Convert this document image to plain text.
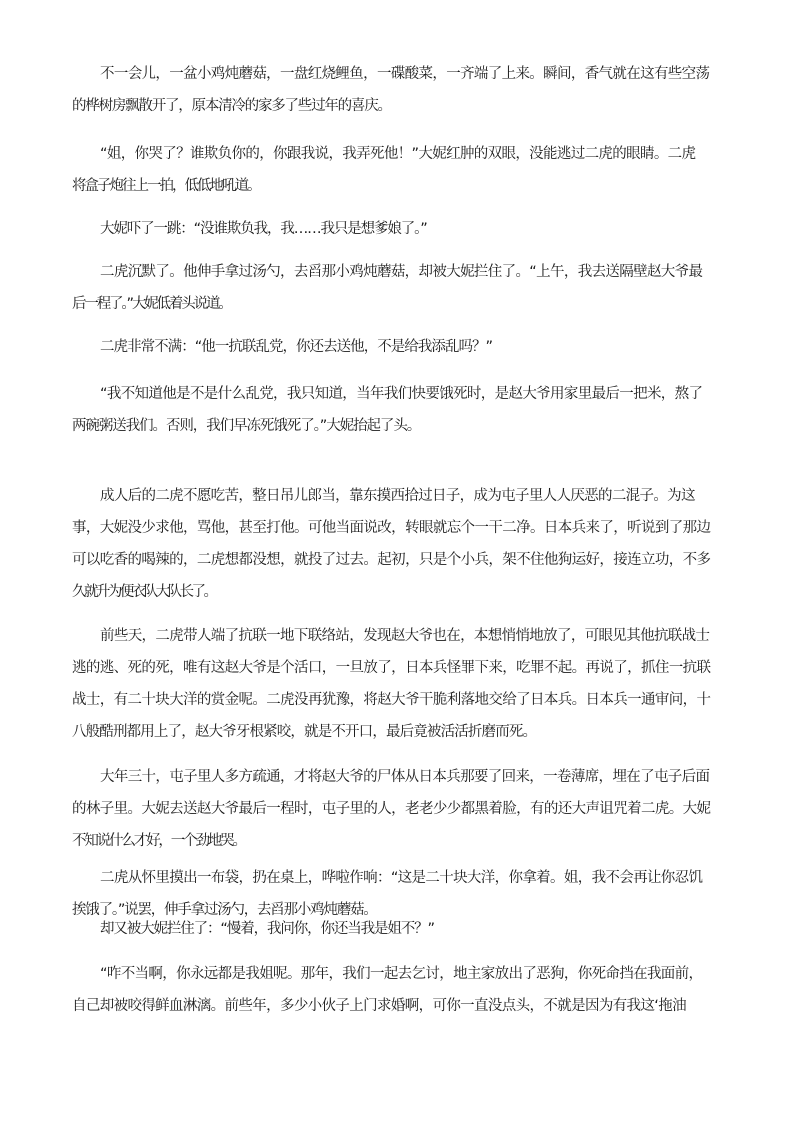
不一会儿，一盆小鸡炖蘑菇，一盘红烧鲤鱼，一碟酸菜，一齐端了上来。瞬间，香气就在这有些空荡
的桦树房飘散开了，原本清冷的家多了些过年的喜庆。
“姐，你哭了？谁欺负你的，你跟我说，我弄死他！”大妮红肿的双眼，没能逃过二虎的眼睛。二虎
将盒子炮往上一拍，低低地吼道。
大妮吓了一跳：“没谁欺负我，我……我只是想爹娘了。”
二虎沉默了。他伸手拿过汤勺，去舀那小鸡炖蘑菇，却被大妮拦住了。“上午，我去送隔壁赵大爷最
后一程了。”大妮低着头说道。
二虎非常不满：“他一抗联乱党，你还去送他，不是给我添乱吗？”
“我不知道他是不是什么乱党，我只知道，当年我们快要饿死时，是赵大爷用家里最后一把米，熬了
两碗粥送我们。否则，我们早冻死饿死了。”大妮抬起了头。
成人后的二虎不愿吃苦，整日吊儿郎当，靠东摸西拾过日子，成为屯子里人人厌恶的二混子。为这
事，大妮没少求他，骂他，甚至打他。可他当面说改，转眼就忘个一干二净。日本兵来了，听说到了那边
可以吃香的喝辣的，二虎想都没想，就投了过去。起初，只是个小兵，架不住他狗运好，接连立功，不多
久就升为便衣队大队长了。
前些天，二虎带人端了抗联一地下联络站，发现赵大爷也在，本想悄悄地放了，可眼见其他抗联战士
逃的逃、死的死，唯有这赵大爷是个活口，一旦放了，日本兵怪罪下来，吃罪不起。再说了，抓住一抗联
战士，有二十块大洋的赏金呢。二虎没再犹豫，将赵大爷干脆利落地交给了日本兵。日本兵一通审问，十
八般酷刑都用上了，赵大爷牙根紧咬，就是不开口，最后竟被活活折磨而死。
大年三十，屯子里人多方疏通，才将赵大爷的尸体从日本兵那要了回来，一卷薄席，埋在了屯子后面
的林子里。大妮去送赵大爷最后一程时，屯子里的人，老老少少都黑着脸，有的还大声诅咒着二虎。大妮
不知说什么才好，一个劲地哭。
二虎从怀里摸出一布袋，扔在桌上，哗啦作响：“这是二十块大洋，你拿着。姐，我不会再让你忍饥
挨饿了。”说罢，伸手拿过汤勺，去舀那小鸡炖蘑菇。
却又被大妮拦住了：“慢着，我问你，你还当我是姐不？”
“咋不当啊，你永远都是我姐呢。那年，我们一起去乞讨，地主家放出了恶狗，你死命挡在我面前，
自己却被咬得鲜血淋漓。前些年，多少小伙子上门求婚啊，可你一直没点头，不就是因为有我这‘拖油
